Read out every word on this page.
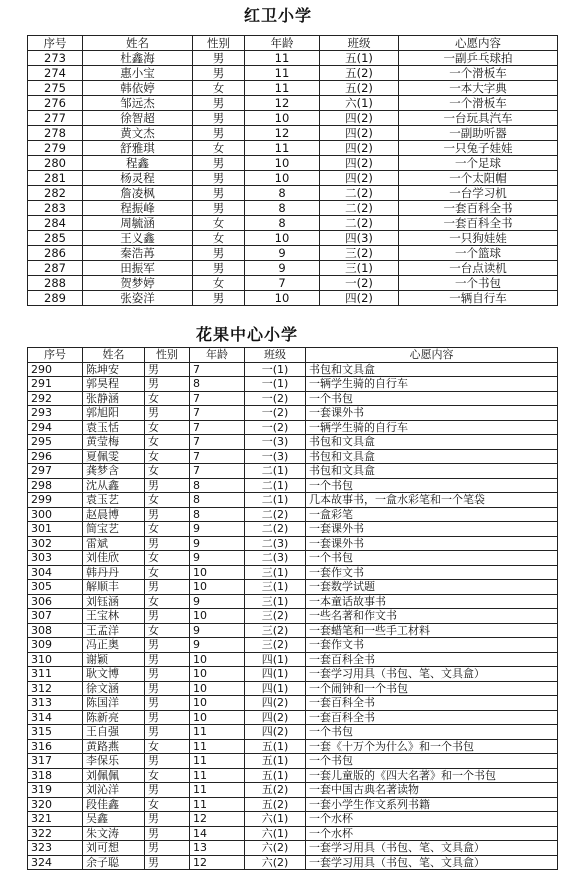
红卫小学
序号	姓名	性别	年龄	班级	心愿内容
273	杜鑫海	男	11	五(1)	一副乒乓球拍
274	惠小宝	男	11	五(2)	一个滑板车
275	韩依婷	女	11	五(2)	一本大字典
276	邹远杰	男	12	六(1)	一个滑板车
277	徐智超	男	10	四(2)	一台玩具汽车
278	黄文杰	男	12	四(2)	一副助听器
279	舒雅琪	女	11	四(2)	一只兔子娃娃
280	程鑫	男	10	四(2)	一个足球
281	杨灵程	男	10	四(2)	一个太阳帽
282	詹凌枫	男	8	二(2)	一台学习机
283	程振峰	男	8	二(2)	一套百科全书
284	周毓涵	女	8	二(2)	一套百科全书
285	王义鑫	女	10	四(3)	一只狗娃娃
286	秦浩苒	男	9	三(2)	一个篮球
287	田振军	男	9	三(1)	一台点读机
288	贺梦婷	女	7	一(2)	一个书包
289	张姿洋	男	10	四(2)	一辆自行车
花果中心小学
序号	姓名	性别	年龄	班级	心愿内容
290	陈坤安	男	7	一(1)	书包和文具盒
291	郭昊程	男	8	一(1)	一辆学生骑的自行车
292	张静涵	女	7	一(2)	一个书包
293	郭旭阳	男	7	一(2)	一套课外书
294	袁玉恬	女	7	一(2)	一辆学生骑的自行车
295	黄莹梅	女	7	一(3)	书包和文具盒
296	夏佩雯	女	7	一(3)	书包和文具盒
297	龚梦含	女	7	二(1)	书包和文具盒
298	沈从鑫	男	8	二(1)	一个书包
299	袁玉艺	女	8	二(1)	几本故事书，一盒水彩笔和一个笔袋
300	赵晨博	男	8	二(2)	一盒彩笔
301	简宝艺	女	9	二(2)	一套课外书
302	雷斌	男	9	二(3)	一套课外书
303	刘佳欣	女	9	二(3)	一个书包
304	韩丹丹	女	10	三(1)	一套作文书
305	解顺丰	男	10	三(1)	一套数学试题
306	刘钰涵	女	9	三(1)	一本童话故事书
307	王宝林	男	10	三(2)	一些名著和作文书
308	王孟洋	女	9	三(2)	一套蜡笔和一些手工材料
309	冯正奥	男	9	三(2)	一套作文书
310	谢颖	男	10	四(1)	一套百科全书
311	耿文博	男	10	四(1)	一套学习用具（书包、笔、文具盒）
312	徐文涵	男	10	四(1)	一个闹钟和一个书包
313	陈国洋	男	10	四(2)	一套百科全书
314	陈新亮	男	10	四(2)	一套百科全书
315	王自强	男	11	四(2)	一个书包
316	黄路燕	女	11	五(1)	一套《十万个为什么》和一个书包
317	李保乐	男	11	五(1)	一个书包
318	刘佩佩	女	11	五(1)	一套儿童版的《四大名著》和一个书包
319	刘沁洋	男	11	五(2)	一套中国古典名著读物
320	段佳鑫	女	11	五(2)	一套小学生作文系列书籍
321	吴鑫	男	12	六(1)	一个水杯
322	朱文涛	男	14	六(1)	一个水杯
323	刘可想	男	13	六(2)	一套学习用具（书包、笔、文具盒）
324	余子聪	男	12	六(2)	一套学习用具（书包、笔、文具盒）
